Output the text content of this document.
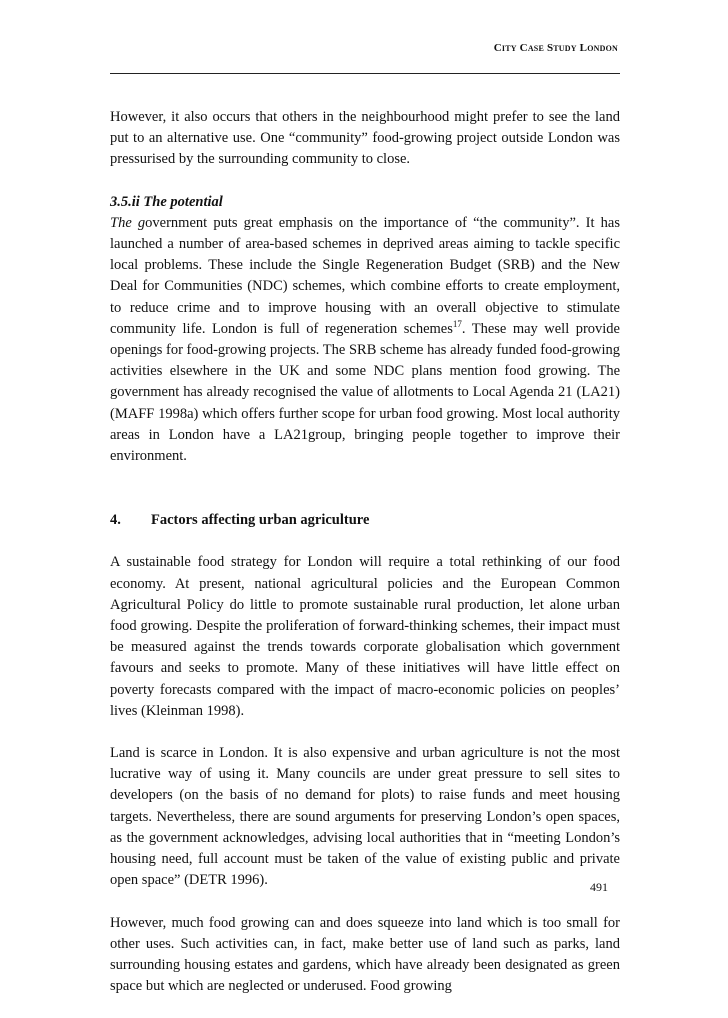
City Case Study London

However, it also occurs that others in the neighbourhood might prefer to see the land put to an alternative use. One “community” food-growing project outside London was pressurised by the surrounding community to close.

3.5.ii The potential
The government puts great emphasis on the importance of “the community”. It has launched a number of area-based schemes in deprived areas aiming to tackle specific local problems. These include the Single Regeneration Budget (SRB) and the New Deal for Communities (NDC) schemes, which combine efforts to create employment, to reduce crime and to improve housing with an overall objective to stimulate community life. London is full of regeneration schemes$^{17}$. These may well provide openings for food-growing projects. The SRB scheme has already funded food-growing activities elsewhere in the UK and some NDC plans mention food growing. The government has already recognised the value of allotments to Local Agenda 21 (LA21) (MAFF 1998a) which offers further scope for urban food growing. Most local authority areas in London have a LA21group, bringing people together to improve their environment.

4.	Factors affecting urban agriculture

A sustainable food strategy for London will require a total rethinking of our food economy. At present, national agricultural policies and the European Common Agricultural Policy do little to promote sustainable rural production, let alone urban food growing. Despite the proliferation of forward-thinking schemes, their impact must be measured against the trends towards corporate globalisation which government favours and seeks to promote. Many of these initiatives will have little effect on poverty forecasts compared with the impact of macro-economic policies on peoples’ lives (Kleinman 1998).

Land is scarce in London. It is also expensive and urban agriculture is not the most lucrative way of using it. Many councils are under great pressure to sell sites to developers (on the basis of no demand for plots) to raise funds and meet housing targets. Nevertheless, there are sound arguments for preserving London’s open spaces, as the government acknowledges, advising local authorities that in “meeting London’s housing need, full account must be taken of the value of existing public and private open space” (DETR 1996).

However, much food growing can and does squeeze into land which is too small for other uses. Such activities can, in fact, make better use of land such as parks, land surrounding housing estates and gardens, which have already been designated as green space but which are neglected or underused. Food growing

491
